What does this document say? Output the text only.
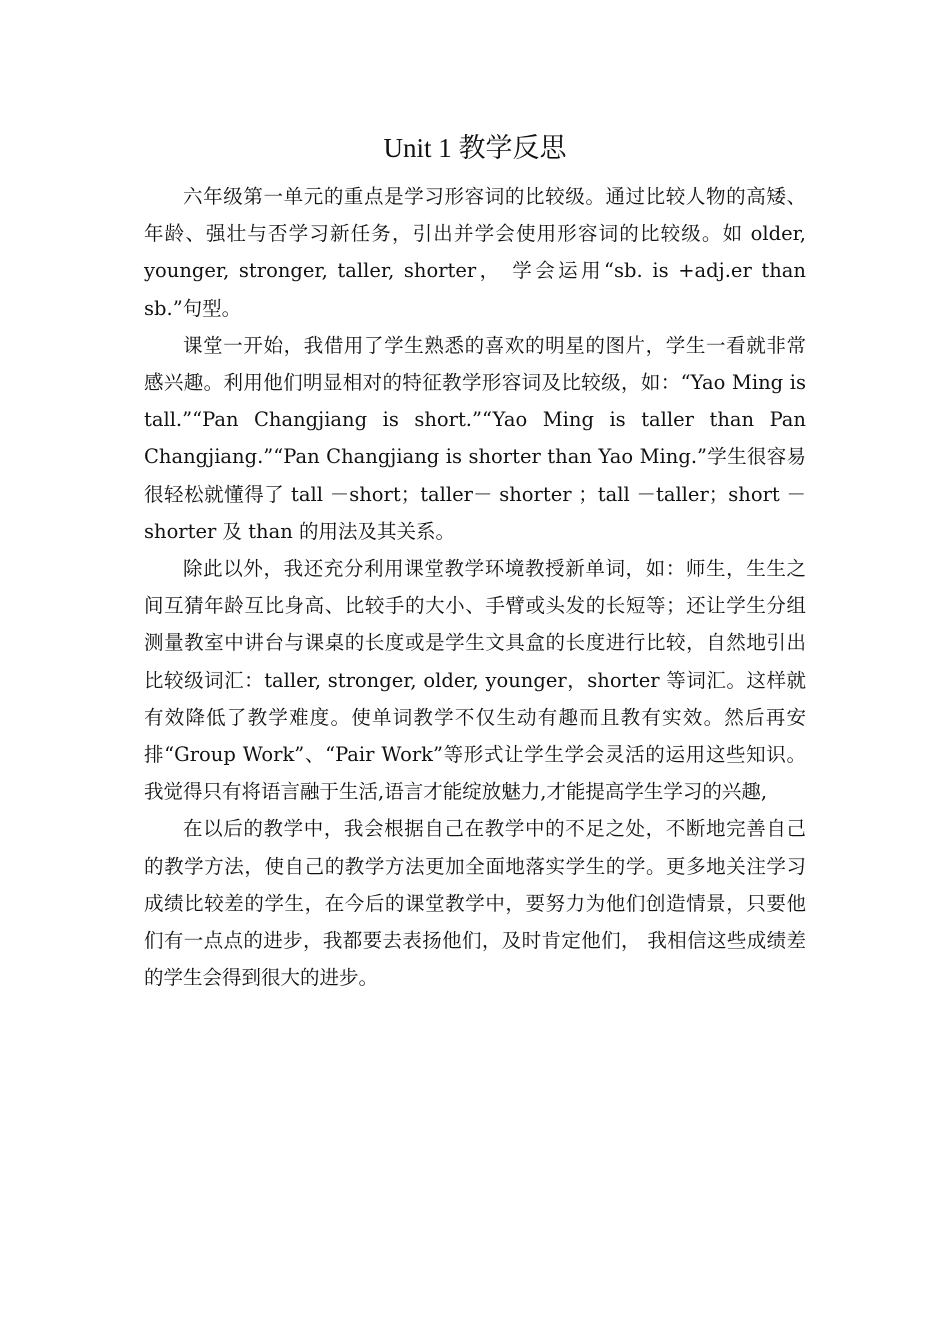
Unit 1 教学反思

六年级第一单元的重点是学习形容词的比较级。通过比较人物的高矮、年龄、强壮与否学习新任务，引出并学会使用形容词的比较级。如 older, younger, stronger, taller, shorter， 学会运用“sb. is +adj.er than sb.”句型。

课堂一开始，我借用了学生熟悉的喜欢的明星的图片，学生一看就非常感兴趣。利用他们明显相对的特征教学形容词及比较级，如：“Yao Ming is tall.”“Pan Changjiang is short.”“Yao Ming is taller than Pan Changjiang.”“Pan Changjiang is shorter than Yao Ming.”学生很容易很轻松就懂得了 tall －short；taller－ shorter ；tall －taller；short －shorter 及 than 的用法及其关系。

除此以外，我还充分利用课堂教学环境教授新单词，如：师生，生生之间互猜年龄互比身高、比较手的大小、手臂或头发的长短等；还让学生分组测量教室中讲台与课桌的长度或是学生文具盒的长度进行比较，自然地引出比较级词汇：taller, stronger, older, younger，shorter 等词汇。这样就有效降低了教学难度。使单词教学不仅生动有趣而且教有实效。然后再安排“Group Work”、“Pair Work”等形式让学生学会灵活的运用这些知识。我觉得只有将语言融于生活,语言才能绽放魅力,才能提高学生学习的兴趣,

在以后的教学中，我会根据自己在教学中的不足之处，不断地完善自己的教学方法，使自己的教学方法更加全面地落实学生的学。更多地关注学习成绩比较差的学生，在今后的课堂教学中，要努力为他们创造情景，只要他们有一点点的进步，我都要去表扬他们，及时肯定他们， 我相信这些成绩差的学生会得到很大的进步。
